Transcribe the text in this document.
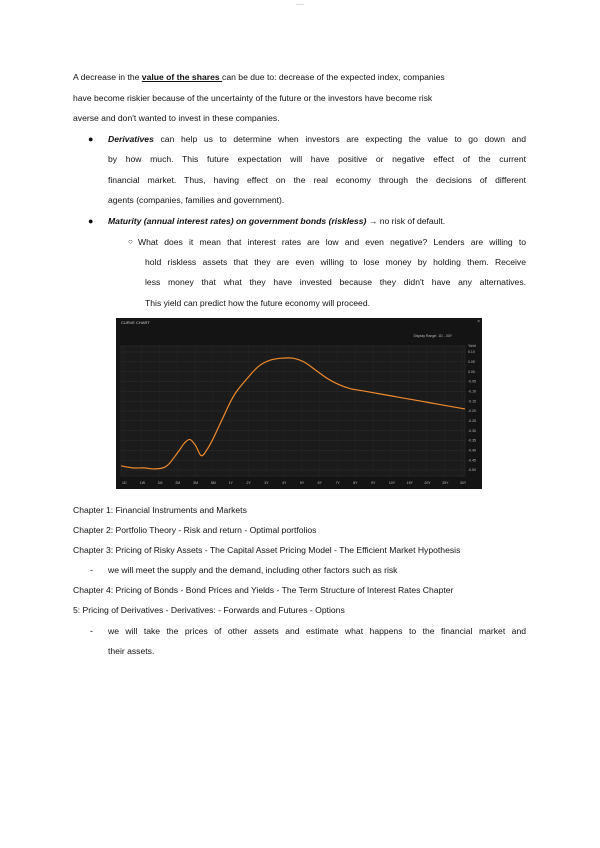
....
A decrease in the value of the shares can be due to: decrease of the expected index, companies
have become riskier because of the uncertainty of the future or the investors have become risk
averse and don't wanted to invest in these companies.
● Derivatives can help us to determine when investors are expecting the value to go down and
by how much. This future expectation will have positive or negative effect of the current
financial market. Thus, having effect on the real economy through the decisions of different
agents (companies, families and government).
● Maturity (annual interest rates) on government bonds (riskless) → no risk of default.
○ What does it mean that interest rates are low and even negative? Lenders are willing to
hold riskless assets that they are even willing to lose money by holding them. Receive
less money that what they have invested because they didn't have any alternatives.
This yield can predict how the future economy will proceed.
CURVE CHART	×
Display Range: 1D - 30Y
0.10
0.05
0.00
-0.05
-0.10
-0.15
-0.20
-0.25
-0.30
-0.35
-0.40
-0.45
-0.50
Yield
1D	1W	1M	2M	3M	6M	1Y	2Y	3Y	4Y	5Y	6Y	7Y	8Y	9Y	10Y	15Y	20Y	25Y	30Y
Chapter 1: Financial Instruments and Markets
Chapter 2: Portfolio Theory - Risk and return - Optimal portfolios
Chapter 3: Pricing of Risky Assets - The Capital Asset Pricing Model - The Efficient Market Hypothesis
- we will meet the supply and the demand, including other factors such as risk
Chapter 4: Pricing of Bonds - Bond Prices and Yields - The Term Structure of Interest Rates Chapter
5: Pricing of Derivatives - Derivatives: - Forwards and Futures - Options
- we will take the prices of other assets and estimate what happens to the financial market and
their assets.
